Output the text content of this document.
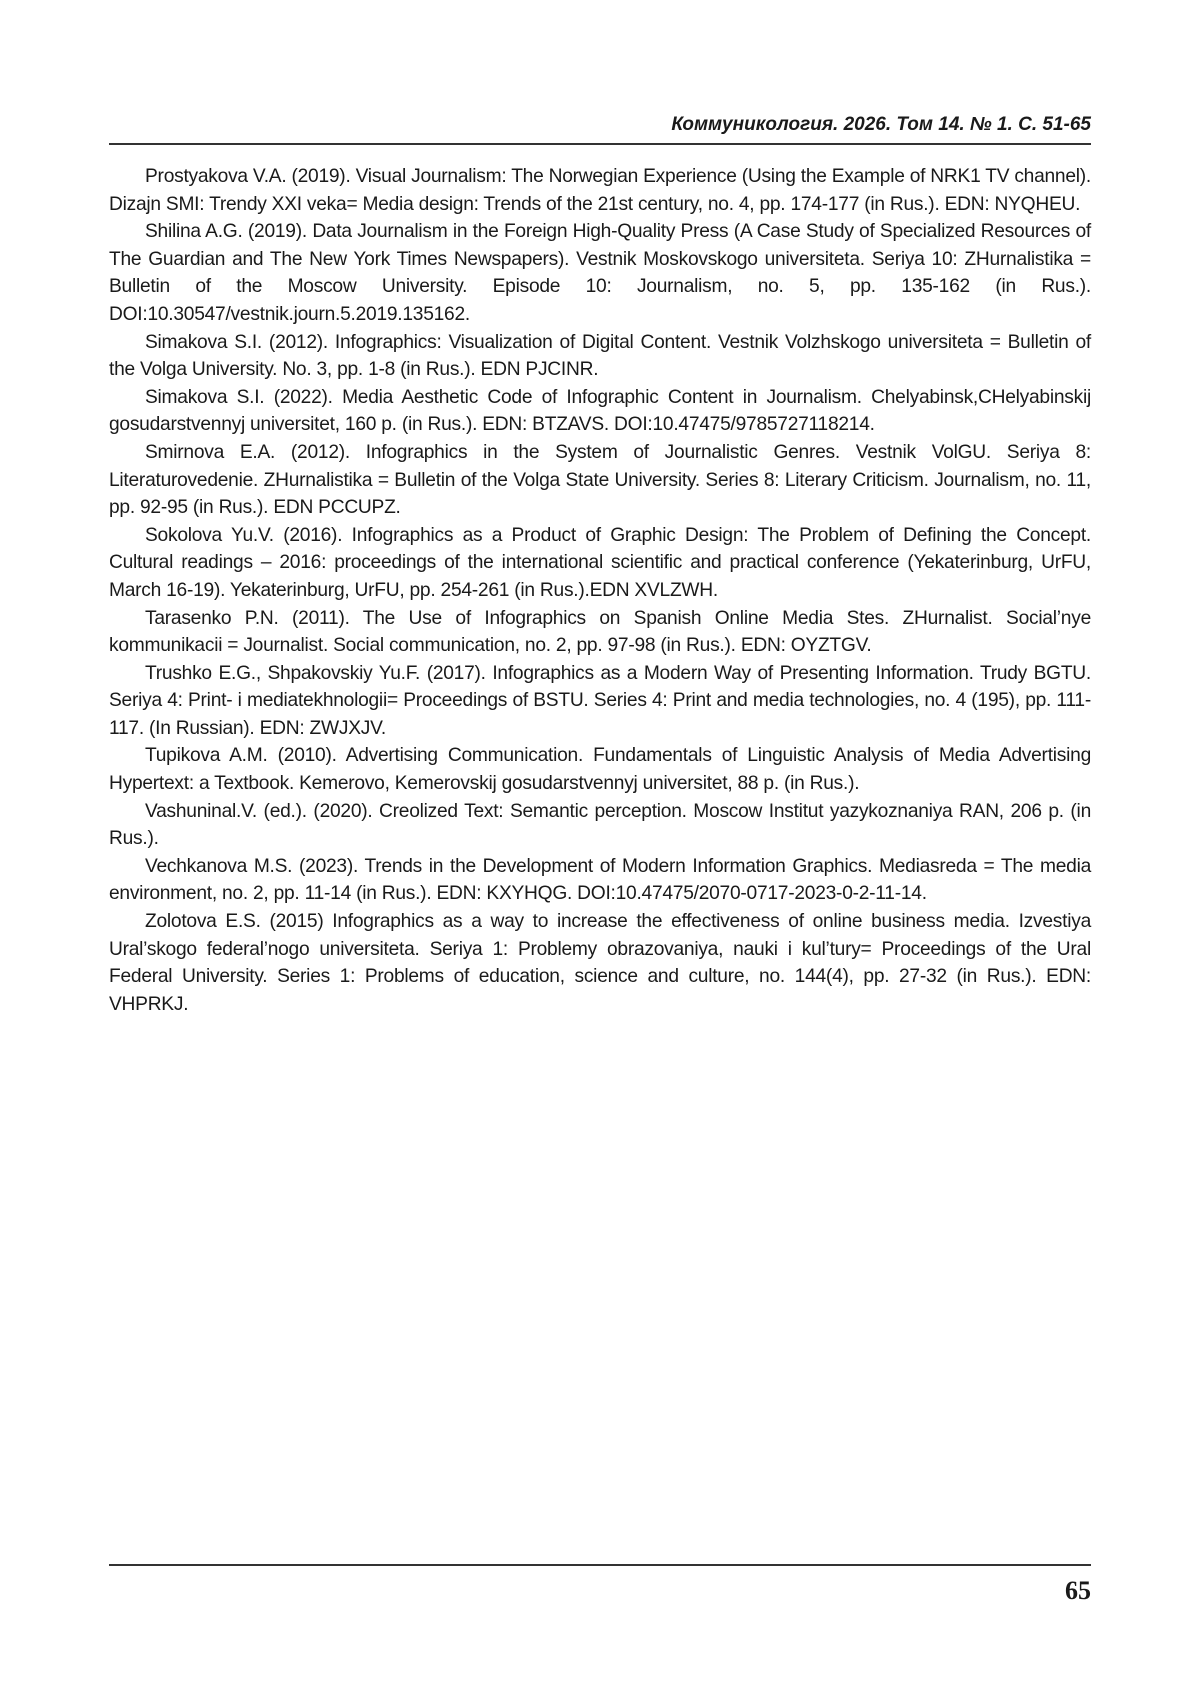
Коммуникология. 2026. Том 14. № 1. С. 51-65

Prostyakova V.A. (2019). Visual Journalism: The Norwegian Experience (Using the Example of NRK1 TV channel). Dizajn SMI: Trendy XXI veka= Media design: Trends of the 21st century, no. 4, pp. 174-177 (in Rus.). EDN: NYQHEU.

Shilina A.G. (2019). Data Journalism in the Foreign High-Quality Press (A Case Study of Specialized Resources of The Guardian and The New York Times Newspapers). Vestnik Moskovskogo universiteta. Seriya 10: ZHurnalistika = Bulletin of the Moscow University. Episode 10: Journalism, no. 5, pp. 135-162 (in Rus.). DOI:10.30547/vestnik.journ.5.2019.135162.

Simakova S.I. (2012). Infographics: Visualization of Digital Content. Vestnik Volzhskogo universiteta = Bulletin of the Volga University. No. 3, pp. 1-8 (in Rus.). EDN PJCINR.

Simakova S.I. (2022). Media Aesthetic Code of Infographic Content in Journalism. Chelyabinsk,CHelyabinskij gosudarstvennyj universitet, 160 p. (in Rus.). EDN: BTZAVS. DOI:10.47475/9785727118214.

Smirnova E.A. (2012). Infographics in the System of Journalistic Genres. Vestnik VolGU. Seriya 8: Literaturovedenie. ZHurnalistika = Bulletin of the Volga State University. Series 8: Literary Criticism. Journalism, no. 11, pp. 92-95 (in Rus.). EDN PCCUPZ.

Sokolova Yu.V. (2016). Infographics as a Product of Graphic Design: The Problem of Defining the Concept. Cultural readings – 2016: proceedings of the international scientific and practical conference (Yekaterinburg, UrFU, March 16-19). Yekaterinburg, UrFU, pp. 254-261 (in Rus.).EDN XVLZWH.

Tarasenko P.N. (2011). The Use of Infographics on Spanish Online Media Stes. ZHurnalist. Social’nye kommunikacii = Journalist. Social communication, no. 2, pp. 97-98 (in Rus.). EDN: OYZTGV.

Trushko E.G., Shpakovskiy Yu.F. (2017). Infographics as a Modern Way of Presenting Information. Trudy BGTU. Seriya 4: Print- i mediatekhnologii= Proceedings of BSTU. Series 4: Print and media technologies, no. 4 (195), pp. 111-117. (In Russian). EDN: ZWJXJV.

Tupikova A.M. (2010). Advertising Communication. Fundamentals of Linguistic Analysis of Media Advertising Hypertext: a Textbook. Kemerovo, Kemerovskij gosudarstvennyj universitet, 88 p. (in Rus.).

Vashuninal.V. (ed.). (2020). Creolized Text: Semantic perception. Moscow Institut yazykoznaniya RAN, 206 p. (in Rus.).

Vechkanova M.S. (2023). Trends in the Development of Modern Information Graphics. Mediasreda = The media environment, no. 2, pp. 11-14 (in Rus.). EDN: KXYHQG. DOI:10.47475/2070-0717-2023-0-2-11-14.

Zolotova E.S. (2015) Infographics as a way to increase the effectiveness of online business media. Izvestiya Ural’skogo federal’nogo universiteta. Seriya 1: Problemy obrazovaniya, nauki i kul’tury= Proceedings of the Ural Federal University. Series 1: Problems of education, science and culture, no. 144(4), pp. 27-32 (in Rus.). EDN: VHPRKJ.

65
